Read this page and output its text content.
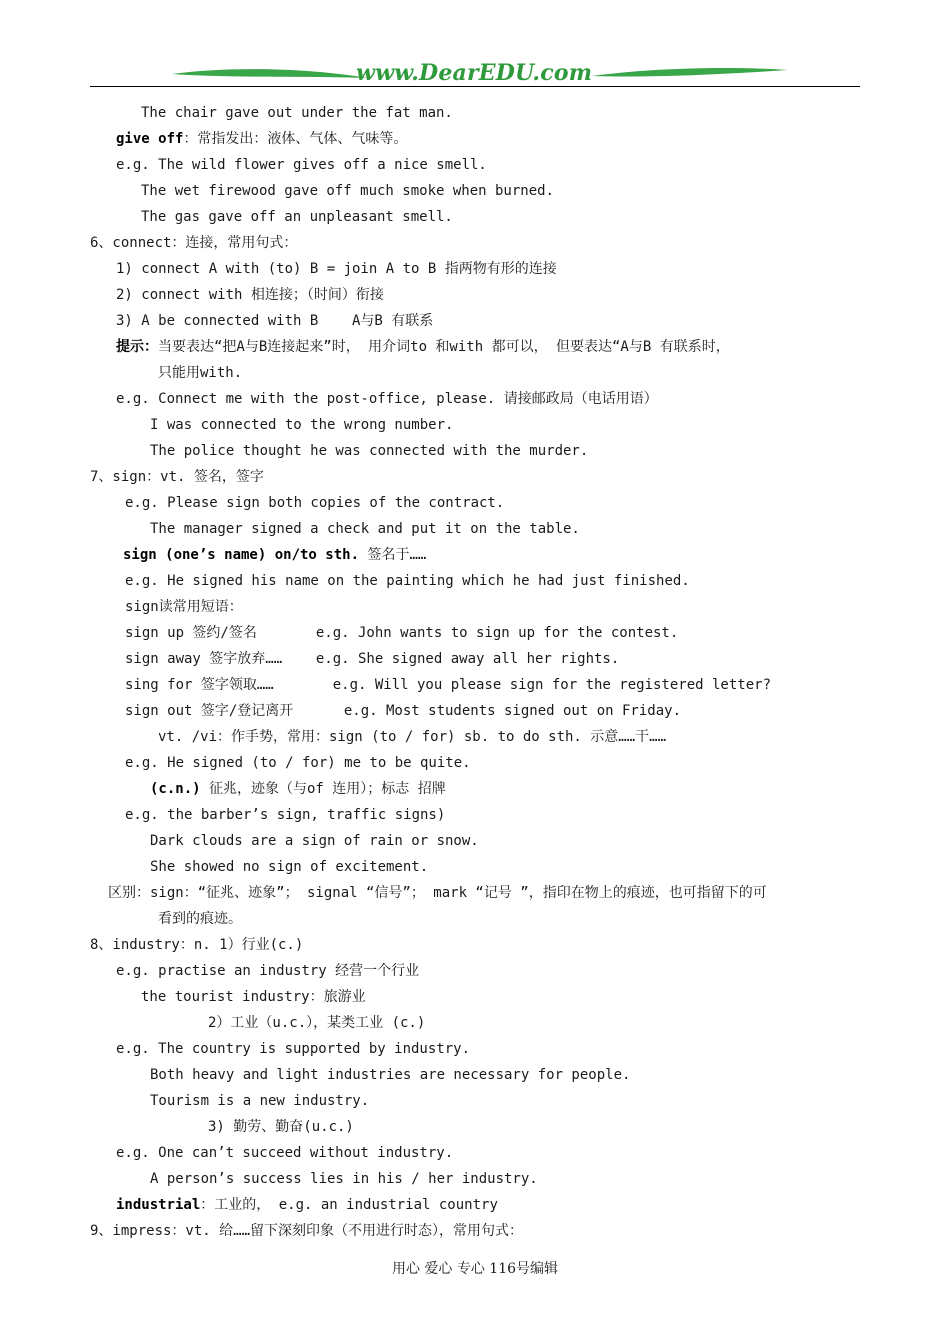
www.DearEDU.com
The chair gave out under the fat man.
give off：常指发出：液体、气体、气味等。
e.g. The wild flower gives off a nice smell.
The wet firewood gave off much smoke when burned.
The gas gave off an unpleasant smell.
6、connect：连接，常用句式：
1) connect A with (to) B = join A to B 指两物有形的连接
2) connect with 相连接；（时间）衔接
3) A be connected with B    A与B 有联系
提示：当要表达“把A与B连接起来”时， 用介词to 和with 都可以， 但要表达“A与B 有联系时，
只能用with.
e.g. Connect me with the post-office, please. 请接邮政局（电话用语）
I was connected to the wrong number.
The police thought he was connected with the murder.
7、sign：vt. 签名，签字
e.g. Please sign both copies of the contract.
The manager signed a check and put it on the table.
sign (one’s name) on/to sth. 签名于……
e.g. He signed his name on the painting which he had just finished.
sign读常用短语：
sign up 签约/签名       e.g. John wants to sign up for the contest.
sign away 签字放弃……    e.g. She signed away all her rights.
sing for 签字领取……       e.g. Will you please sign for the registered letter?
sign out 签字/登记离开      e.g. Most students signed out on Friday.
vt. /vi：作手势，常用：sign (to / for) sb. to do sth. 示意……干……
e.g. He signed (to / for) me to be quite.
(c.n.) 征兆，迹象（与of 连用）；标志 招牌
e.g. the barber’s sign, traffic signs)
Dark clouds are a sign of rain or snow.
She showed no sign of excitement.
区别：sign：“征兆、迹象”； signal “信号”； mark “记号 ”，指印在物上的痕迹，也可指留下的可
看到的痕迹。
8、industry：n. 1）行业(c.)
e.g. practise an industry 经营一个行业
the tourist industry：旅游业
2）工业（u.c.），某类工业 (c.)
e.g. The country is supported by industry.
Both heavy and light industries are necessary for people.
Tourism is a new industry.
3) 勤劳、勤奋(u.c.)
e.g. One can’t succeed without industry.
A person’s success lies in his / her industry.
industrial：工业的， e.g. an industrial country
9、impress：vt. 给……留下深刻印象（不用进行时态），常用句式：
用心 爱心 专心 116号编辑
